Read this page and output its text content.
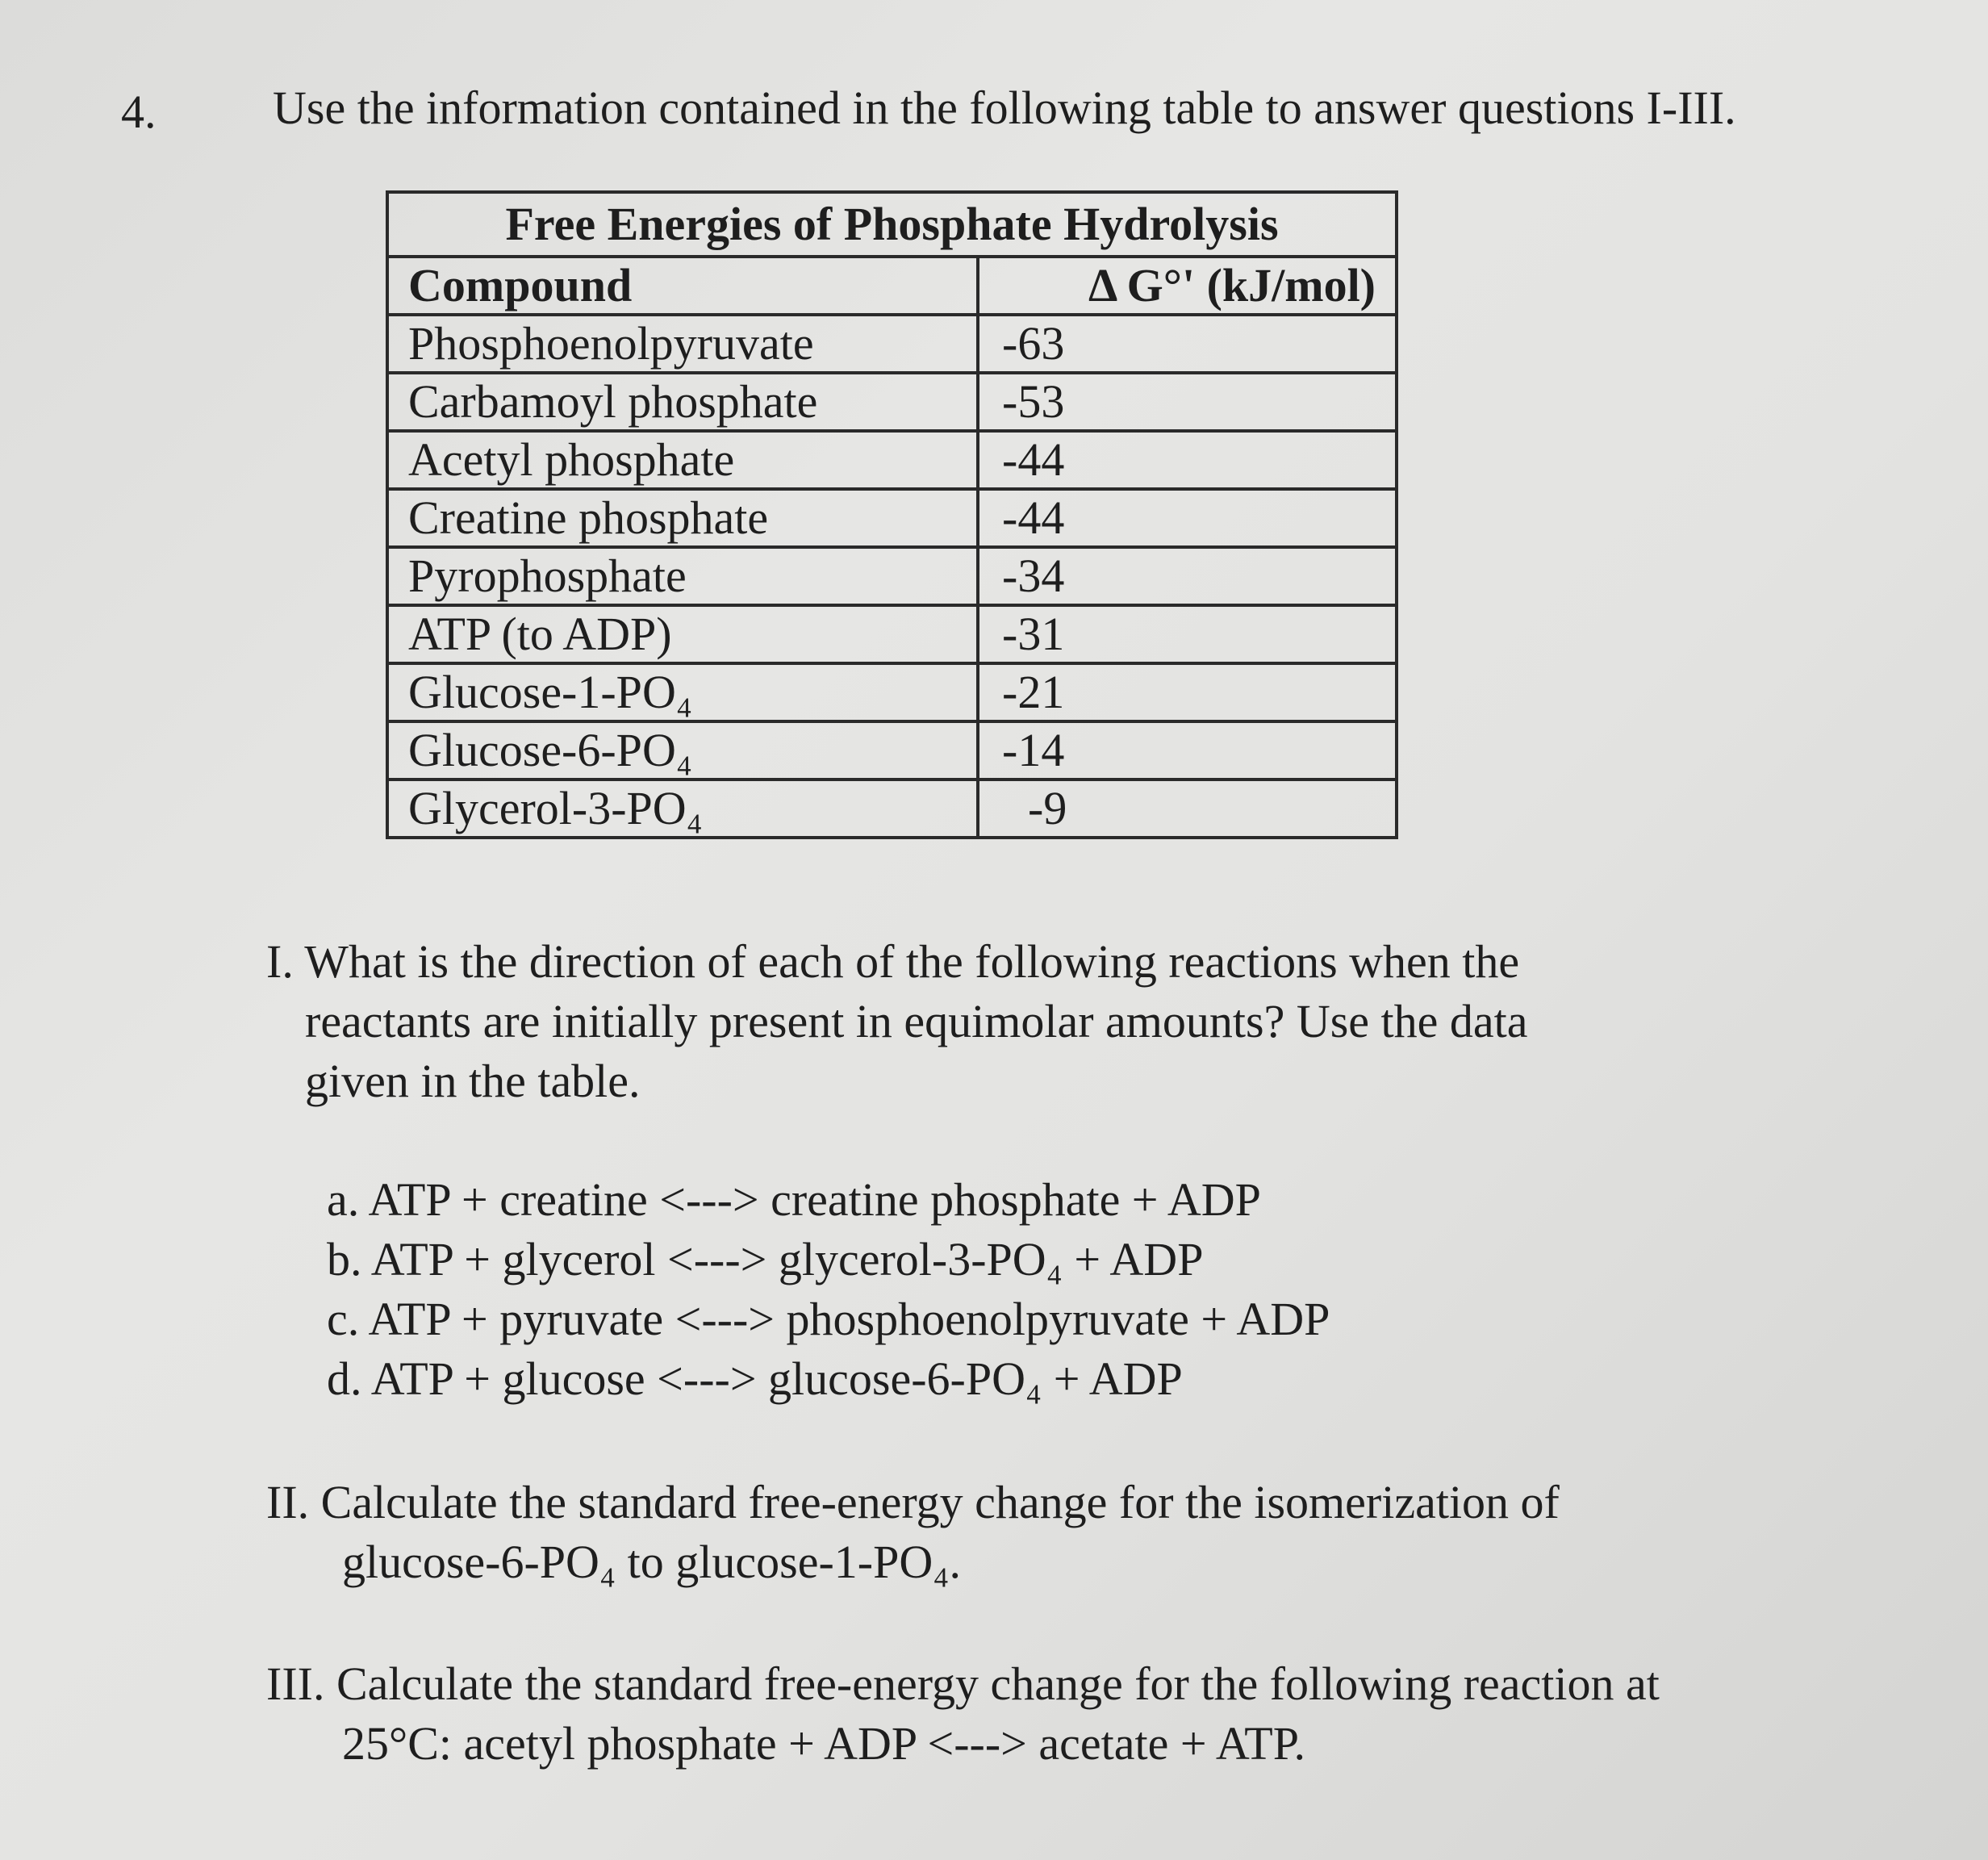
4. Use the information contained in the following table to answer questions I-III.
Free Energies of Phosphate Hydrolysis	
Compound	Δ G°' (kJ/mol)
Phosphoenolpyruvate	-63
Carbamoyl phosphate	-53
Acetyl phosphate	-44
Creatine phosphate	-44
Pyrophosphate	-34
ATP (to ADP)	-31
Glucose-1-PO₄	-21
Glucose-6-PO₄	-14
Glycerol-3-PO₄	-9
I. What is the direction of each of the following reactions when the
reactants are initially present in equimolar amounts? Use the data
given in the table.
a. ATP + creatine <---> creatine phosphate + ADP
b. ATP + glycerol <---> glycerol-3-PO₄ + ADP
c. ATP + pyruvate <---> phosphoenolpyruvate + ADP
d. ATP + glucose <---> glucose-6-PO₄ + ADP
II. Calculate the standard free-energy change for the isomerization of
glucose-6-PO₄ to glucose-1-PO₄.
III. Calculate the standard free-energy change for the following reaction at
25°C: acetyl phosphate + ADP <---> acetate + ATP.
